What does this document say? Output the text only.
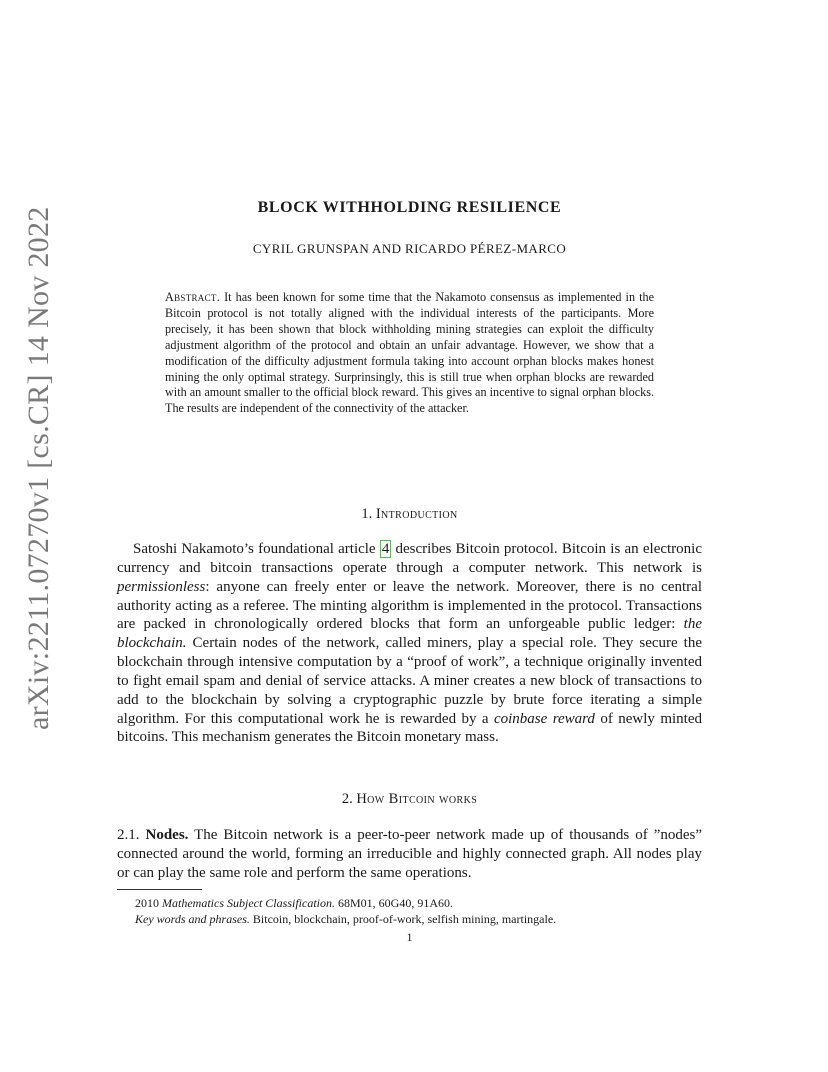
arXiv:2211.07270v1 [cs.CR] 14 Nov 2022	BLOCK WITHHOLDING RESILIENCE
CYRIL GRUNSPAN AND RICARDO PÉREZ-MARCO

Abstract. It has been known for some time that the Nakamoto consensus as implemented in the Bitcoin protocol is not totally aligned with the individual interests of the participants. More precisely, it has been shown that block withholding mining strategies can exploit the difficulty adjustment algorithm of the protocol and obtain an unfair advantage. However, we show that a modification of the difficulty adjustment formula taking into account orphan blocks makes honest mining the only optimal strategy. Surprinsingly, this is still true when orphan blocks are rewarded with an amount smaller to the official block reward. This gives an incentive to signal orphan blocks. The results are independent of the connectivity of the attacker.

1. Introduction

Satoshi Nakamoto’s foundational article 4 describes Bitcoin protocol. Bitcoin is an electronic currency and bitcoin transactions operate through a computer network. This network is permissionless: anyone can freely enter or leave the network. Moreover, there is no central authority acting as a referee. The minting algorithm is implemented in the protocol. Transactions are packed in chronologically ordered blocks that form an unforgeable public ledger: the blockchain. Certain nodes of the network, called miners, play a special role. They secure the blockchain through intensive computation by a “proof of work”, a technique originally invented to fight email spam and denial of service attacks. A miner creates a new block of transactions to add to the blockchain by solving a cryptographic puzzle by brute force iterating a simple algorithm. For this computational work he is rewarded by a coinbase reward of newly minted bitcoins. This mechanism generates the Bitcoin monetary mass.

2. How Bitcoin works

2.1. Nodes. The Bitcoin network is a peer-to-peer network made up of thousands of ”nodes” connected around the world, forming an irreducible and highly connected graph. All nodes play or can play the same role and perform the same operations.

2010 Mathematics Subject Classification. 68M01, 60G40, 91A60.
Key words and phrases. Bitcoin, blockchain, proof-of-work, selfish mining, martingale.
1
